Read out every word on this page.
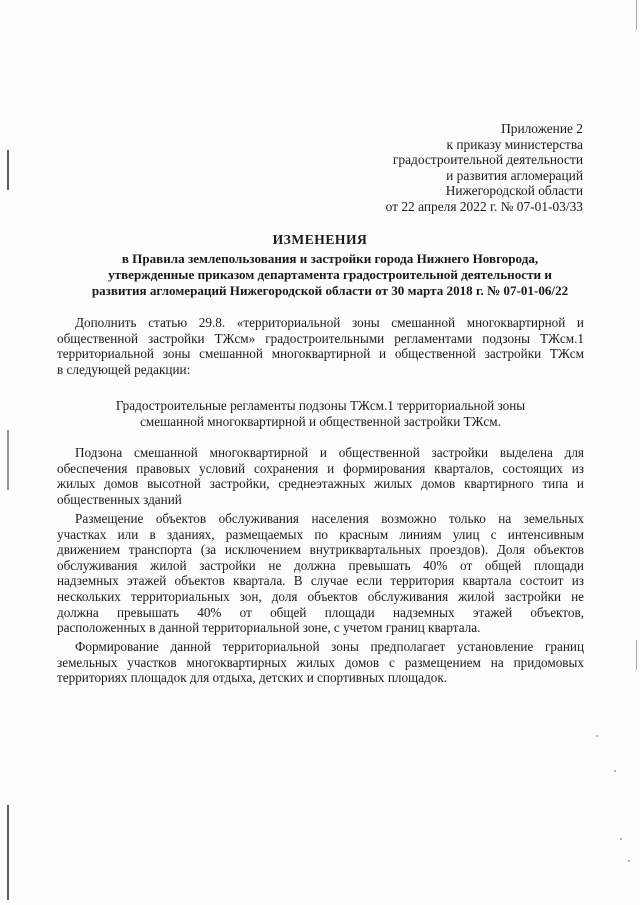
Приложение 2
к приказу министерства
градостроительной деятельности
и развития агломераций
Нижегородской области
от 22 апреля 2022 г. № 07-01-03/33
ИЗМЕНЕНИЯ
в Правила землепользования и застройки города Нижнего Новгорода,
утвержденные приказом департамента градостроительной деятельности и
развития агломераций Нижегородской области от 30 марта 2018 г. № 07-01-06/22
Дополнить статью 29.8. «территориальной зоны смешанной многоквартирной и
общественной застройки ТЖсм» градостроительными регламентами подзоны ТЖсм.1
территориальной зоны смешанной многоквартирной и общественной застройки ТЖсм
в следующей редакции:
Градостроительные регламенты подзоны ТЖсм.1 территориальной зоны
смешанной многоквартирной и общественной застройки ТЖсм.
Подзона смешанной многоквартирной и общественной застройки выделена для
обеспечения правовых условий сохранения и формирования кварталов, состоящих из
жилых домов высотной застройки, среднеэтажных жилых домов квартирного типа и
общественных зданий
Размещение объектов обслуживания населения возможно только на земельных
участках или в зданиях, размещаемых по красным линиям улиц с интенсивным
движением транспорта (за исключением внутриквартальных проездов). Доля объектов
обслуживания жилой застройки не должна превышать 40% от общей площади
надземных этажей объектов квартала. В случае если территория квартала состоит из
нескольких территориальных зон, доля объектов обслуживания жилой застройки не
должна превышать 40% от общей площади надземных этажей объектов,
расположенных в данной территориальной зоне, с учетом границ квартала.
Формирование данной территориальной зоны предполагает установление границ
земельных участков многоквартирных жилых домов с размещением на придомовых
территориях площадок для отдыха, детских и спортивных площадок.
